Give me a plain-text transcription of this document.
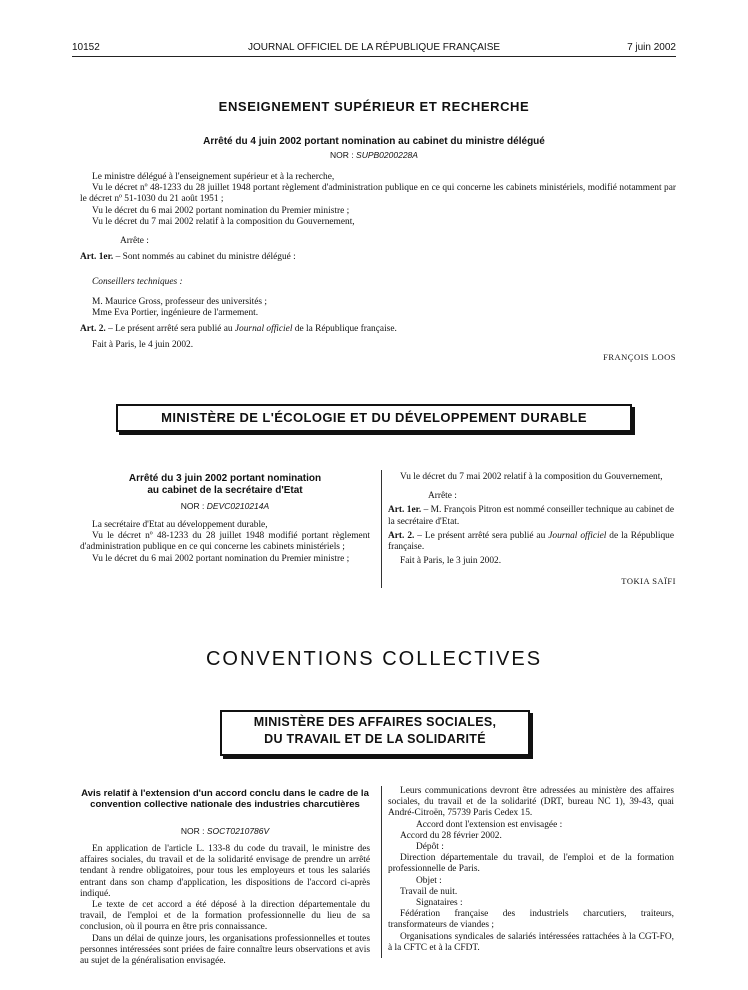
10152	JOURNAL OFFICIEL DE LA RÉPUBLIQUE FRANÇAISE	7 juin 2002
ENSEIGNEMENT SUPÉRIEUR ET RECHERCHE
Arrêté du 4 juin 2002 portant nomination au cabinet du ministre délégué
NOR : SUPB0200228A

Le ministre délégué à l'enseignement supérieur et à la recherche,

Vu le décret nº 48-1233 du 28 juillet 1948 portant règlement d'administration publique en ce qui concerne les cabinets ministériels, modifié notamment par le décret nº 51-1030 du 21 août 1951 ;

Vu le décret du 6 mai 2002 portant nomination du Premier ministre ;

Vu le décret du 7 mai 2002 relatif à la composition du Gouvernement,

Arrête :

Art. 1er. – Sont nommés au cabinet du ministre délégué :

Conseillers techniques :

M. Maurice Gross, professeur des universités ;

Mme Eva Portier, ingénieure de l'armement.

Art. 2. – Le présent arrêté sera publié au Journal officiel de la République française.

Fait à Paris, le 4 juin 2002.

FRANÇOIS LOOS
MINISTÈRE DE L'ÉCOLOGIE ET DU DÉVELOPPEMENT DURABLE
Arrêté du 3 juin 2002 portant nomination
au cabinet de la secrétaire d'Etat
NOR : DEVC0210214A

La secrétaire d'Etat au développement durable,

Vu le décret nº 48-1233 du 28 juillet 1948 modifié portant règlement d'administration publique en ce qui concerne les cabinets ministériels ;

Vu le décret du 6 mai 2002 portant nomination du Premier ministre ;

Vu le décret du 7 mai 2002 relatif à la composition du Gouvernement,

Arrête :

Art. 1er. – M. François Pitron est nommé conseiller technique au cabinet de la secrétaire d'Etat.

Art. 2. – Le présent arrêté sera publié au Journal officiel de la République française.

Fait à Paris, le 3 juin 2002.

TOKIA SAÏFI
CONVENTIONS COLLECTIVES
MINISTÈRE DES AFFAIRES SOCIALES,
DU TRAVAIL ET DE LA SOLIDARITÉ
Avis relatif à l'extension d'un accord conclu dans le cadre de la convention collective nationale des industries charcutières
NOR : SOCT0210786V

En application de l'article L. 133-8 du code du travail, le ministre des affaires sociales, du travail et de la solidarité envisage de prendre un arrêté tendant à rendre obligatoires, pour tous les employeurs et tous les salariés entrant dans son champ d'application, les dispositions de l'accord ci-après indiqué.

Le texte de cet accord a été déposé à la direction départementale du travail, de l'emploi et de la formation professionnelle du lieu de sa conclusion, où il pourra en être pris connaissance.

Dans un délai de quinze jours, les organisations professionnelles et toutes personnes intéressées sont priées de faire connaître leurs observations et avis au sujet de la généralisation envisagée.

Leurs communications devront être adressées au ministère des affaires sociales, du travail et de la solidarité (DRT, bureau NC 1), 39-43, quai André-Citroën, 75739 Paris Cedex 15.

Accord dont l'extension est envisagée :

Accord du 28 février 2002.

Dépôt :

Direction départementale du travail, de l'emploi et de la formation professionnelle de Paris.

Objet :

Travail de nuit.

Signataires :

Fédération française des industriels charcutiers, traiteurs, transformateurs de viandes ;

Organisations syndicales de salariés intéressées rattachées à la CGT-FO, à la CFTC et à la CFDT.
